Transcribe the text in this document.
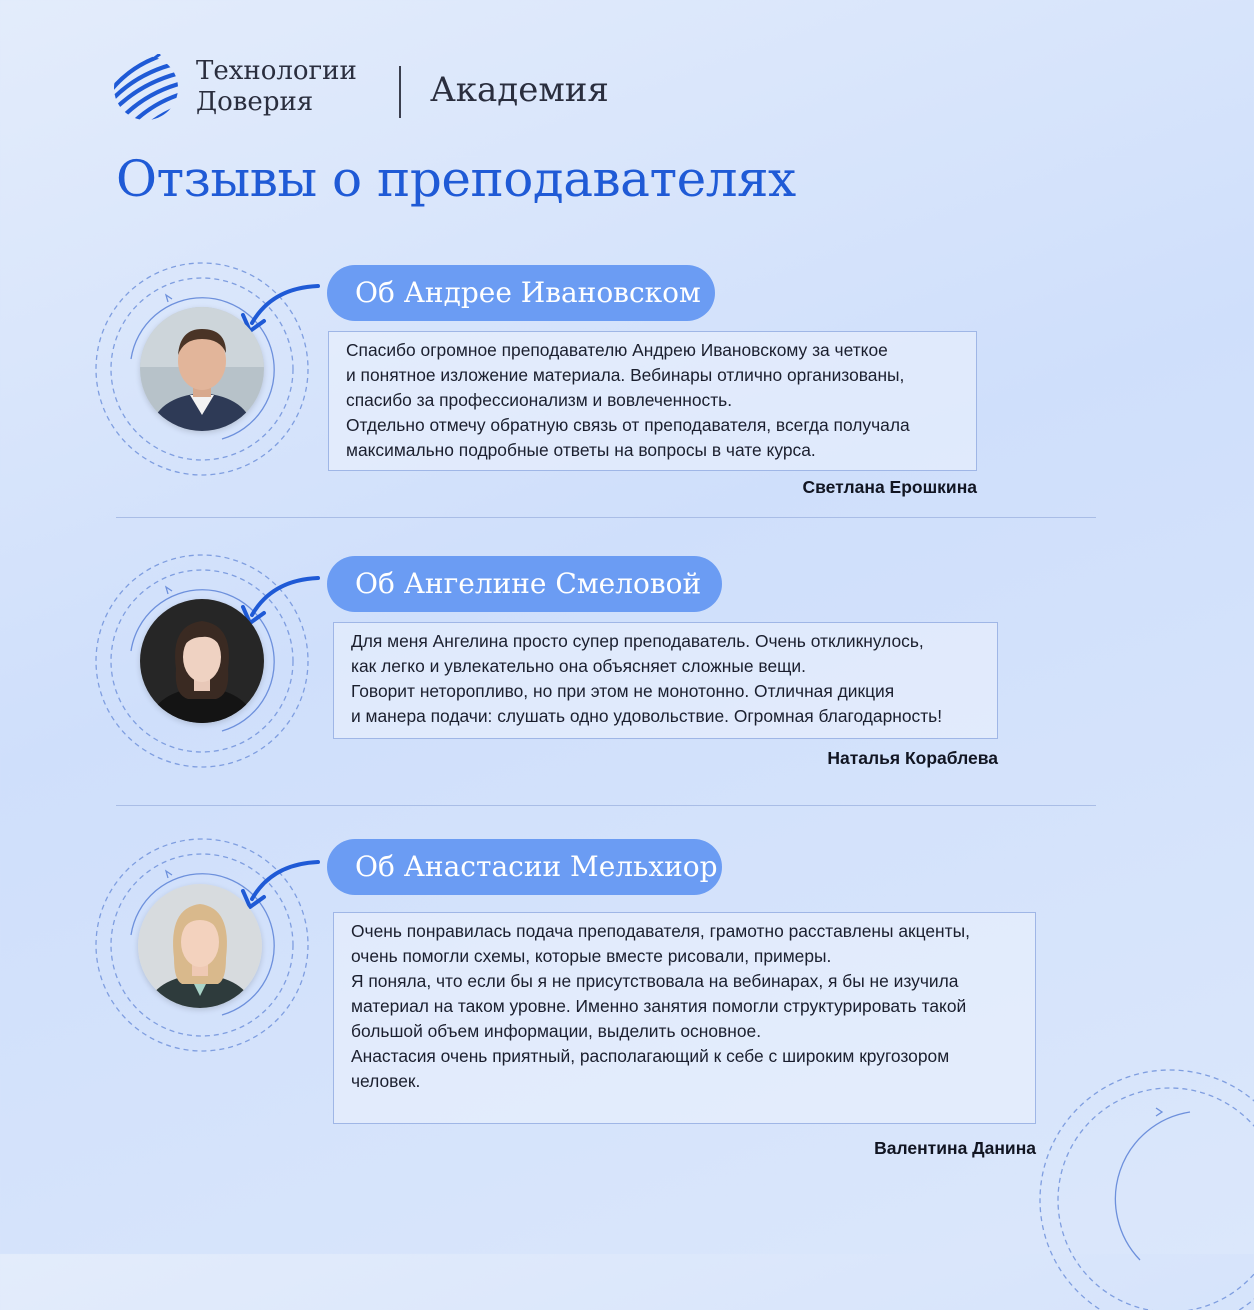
Технологии
Доверия	Академия
Отзывы о преподавателях
Об Андрее Ивановском
Спасибо огромное преподавателю Андрею Ивановскому за четкое
и понятное изложение материала. Вебинары отлично организованы,
спасибо за профессионализм и вовлеченность.
Отдельно отмечу обратную связь от преподавателя, всегда получала
максимально подробные ответы на вопросы в чате курса.
Светлана Ерошкина
Об Ангелине Смеловой
Для меня Ангелина просто супер преподаватель. Очень откликнулось,
как легко и увлекательно она объясняет сложные вещи.
Говорит неторопливо, но при этом не монотонно. Отличная дикция
и манера подачи: слушать одно удовольствие. Огромная благодарность!
Наталья Кораблева
Об Анастасии Мельхиор
Очень понравилась подача преподавателя, грамотно расставлены акценты,
очень помогли схемы, которые вместе рисовали, примеры.
Я поняла, что если бы я не присутствовала на вебинарах, я бы не изучила
материал на таком уровне. Именно занятия помогли структурировать такой
большой объем информации, выделить основное.
Анастасия очень приятный, располагающий к себе с широким кругозором
человек.
Валентина Данина
